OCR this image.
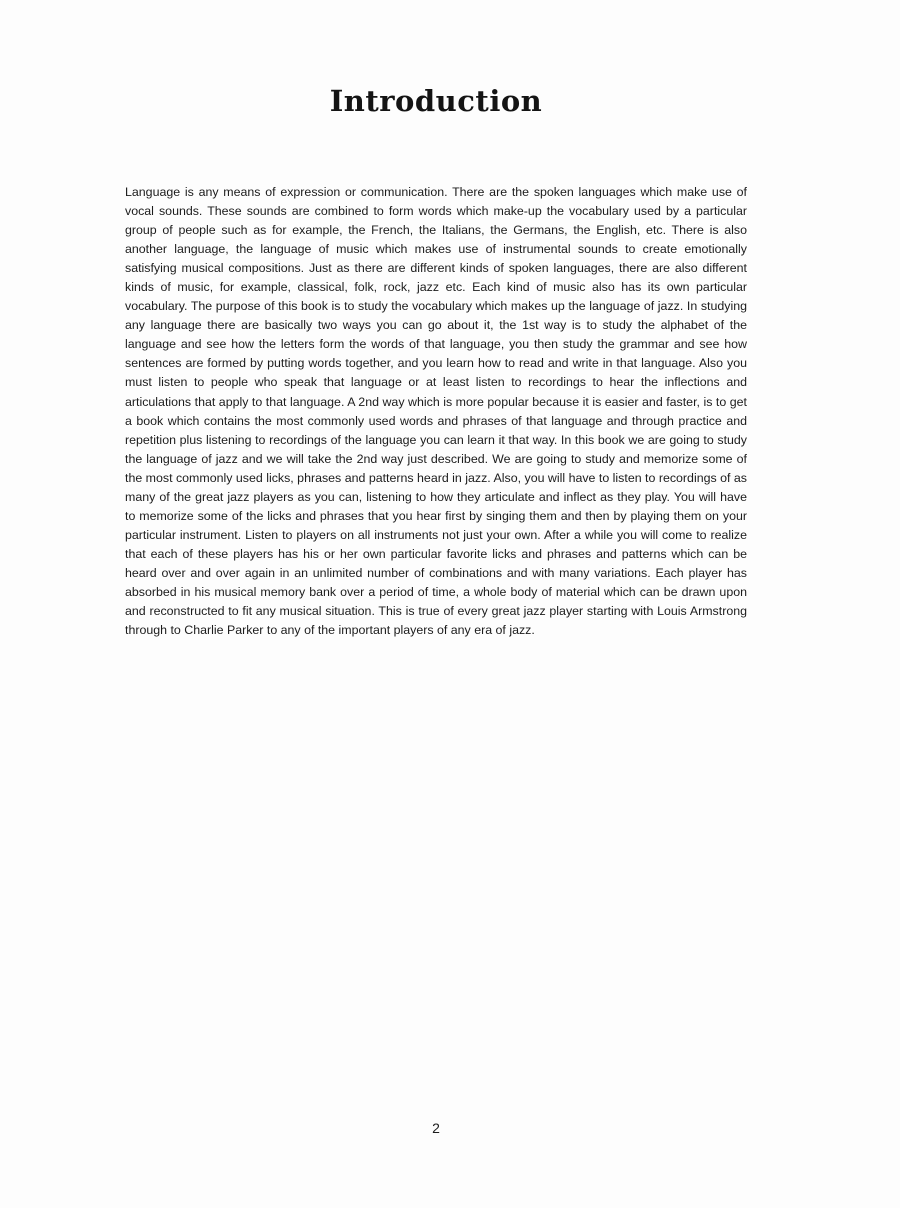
Introduction

Language is any means of expression or communication. There are the spoken languages which make use of vocal sounds. These sounds are combined to form words which make-up the vocabulary used by a particular group of people such as for example, the French, the Italians, the Germans, the English, etc. There is also another language, the language of music which makes use of instrumental sounds to create emotionally satisfying musical compositions. Just as there are different kinds of spoken languages, there are also different kinds of music, for example, classical, folk, rock, jazz etc. Each kind of music also has its own particular vocabulary. The purpose of this book is to study the vocabulary which makes up the language of jazz. In studying any language there are basically two ways you can go about it, the 1st way is to study the alphabet of the language and see how the letters form the words of that language, you then study the grammar and see how sentences are formed by putting words together, and you learn how to read and write in that language. Also you must listen to people who speak that language or at least listen to recordings to hear the inflections and articulations that apply to that language. A 2nd way which is more popular because it is easier and faster, is to get a book which contains the most commonly used words and phrases of that language and through practice and repetition plus listening to recordings of the language you can learn it that way. In this book we are going to study the language of jazz and we will take the 2nd way just described. We are going to study and memorize some of the most commonly used licks, phrases and patterns heard in jazz. Also, you will have to listen to recordings of as many of the great jazz players as you can, listening to how they articulate and inflect as they play. You will have to memorize some of the licks and phrases that you hear first by singing them and then by playing them on your particular instrument. Listen to players on all instruments not just your own. After a while you will come to realize that each of these players has his or her own particular favorite licks and phrases and patterns which can be heard over and over again in an unlimited number of combinations and with many variations. Each player has absorbed in his musical memory bank over a period of time, a whole body of material which can be drawn upon and reconstructed to fit any musical situation. This is true of every great jazz player starting with Louis Armstrong through to Charlie Parker to any of the important players of any era of jazz.

2
